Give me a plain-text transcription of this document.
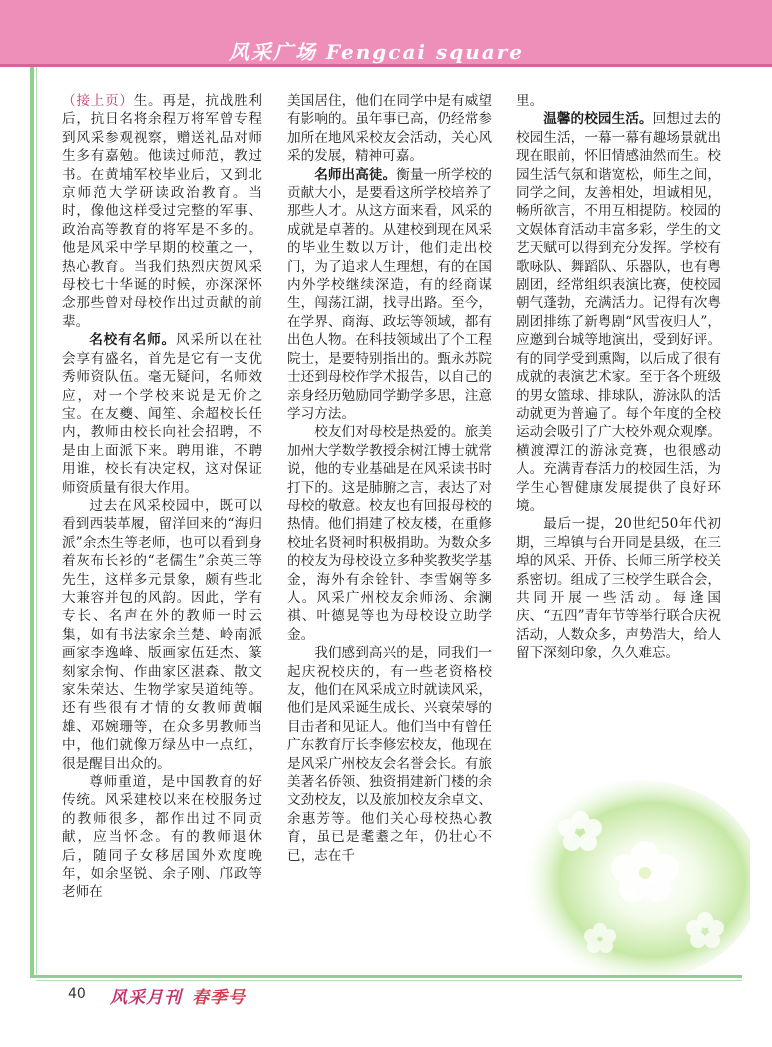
风采广场 Fengcai square

（接上页）生。再是，抗战胜利后，抗日名将余程万将军曾专程到风采参观视察，赠送礼品对师生多有嘉勉。他读过师范，教过书。在黄埔军校毕业后，又到北京师范大学研读政治教育。当时，像他这样受过完整的军事、政治高等教育的将军是不多的。他是风采中学早期的校董之一，热心教育。当我们热烈庆贺风采母校七十华诞的时候，亦深深怀念那些曾对母校作出过贡献的前辈。

名校有名师。风采所以在社会享有盛名，首先是它有一支优秀师资队伍。毫无疑问，名师效应，对一个学校来说是无价之宝。在友夔、闻笙、余超校长任内，教师由校长向社会招聘，不是由上面派下来。聘用谁，不聘用谁，校长有决定权，这对保证师资质量有很大作用。

过去在风采校园中，既可以看到西装革履，留洋回来的“海归派”余杰生等老师，也可以看到身着灰布长衫的“老儒生”余英三等先生，这样多元景象，颇有些北大兼容并包的风韵。因此，学有专长、名声在外的教师一时云集，如有书法家余兰楚、岭南派画家李逸峰、版画家伍廷杰、篆刻家余恂、作曲家区湛森、散文家朱荣达、生物学家吴道纯等。还有些很有才情的女教师黄帼雄、邓婉珊等，在众多男教师当中，他们就像万绿丛中一点红，很是醒目出众的。

尊师重道，是中国教育的好传统。风采建校以来在校服务过的教师很多，都作出过不同贡献，应当怀念。有的教师退休后，随同子女移居国外欢度晚年，如余坚锐、余子刚、邝政等老师在

美国居住，他们在同学中是有威望有影响的。虽年事已高，仍经常参加所在地风采校友会活动，关心风采的发展，精神可嘉。

名师出高徒。衡量一所学校的贡献大小，是要看这所学校培养了那些人才。从这方面来看，风采的成就是卓著的。从建校到现在风采的毕业生数以万计，他们走出校门，为了追求人生理想，有的在国内外学校继续深造，有的经商谋生，闯荡江湖，找寻出路。至今，在学界、商海、政坛等领域，都有出色人物。在科技领域出了个工程院士，是要特别指出的。甄永苏院士还到母校作学术报告，以自己的亲身经历勉励同学勤学多思，注意学习方法。

校友们对母校是热爱的。旅美加州大学数学教授余树江博士就常说，他的专业基础是在风采读书时打下的。这是肺腑之言，表达了对母校的敬意。校友也有回报母校的热情。他们捐建了校友楼，在重修校址名贤祠时积极捐助。为数众多的校友为母校设立多种奖教奖学基金，海外有余铨针、李雪娴等多人。风采广州校友余师汤、余澜祺、叶德晃等也为母校设立助学金。

我们感到高兴的是，同我们一起庆祝校庆的，有一些老资格校友，他们在风采成立时就读风采，他们是风采诞生成长、兴衰荣辱的目击者和见证人。他们当中有曾任广东教育厅长李修宏校友，他现在是风采广州校友会名誉会长。有旅美著名侨领、独资捐建新门楼的余文劲校友，以及旅加校友余卓文、余惠芳等。他们关心母校热心教育，虽已是耄耋之年，仍壮心不已，志在千

里。

温馨的校园生活。回想过去的校园生活，一幕一幕有趣场景就出现在眼前，怀旧情感油然而生。校园生活气氛和谐宽松，师生之间，同学之间，友善相处，坦诚相见，畅所欲言，不用互相提防。校园的文娱体育活动丰富多彩，学生的文艺天赋可以得到充分发挥。学校有歌咏队、舞蹈队、乐器队，也有粤剧团，经常组织表演比赛，使校园朝气蓬勃，充满活力。记得有次粤剧团排练了新粤剧“风雪夜归人”，应邀到台城等地演出，受到好评。有的同学受到熏陶，以后成了很有成就的表演艺术家。至于各个班级的男女篮球、排球队，游泳队的活动就更为普遍了。每个年度的全校运动会吸引了广大校外观众观摩。横渡潭江的游泳竞赛，也很感动人。充满青春活力的校园生活，为学生心智健康发展提供了良好环境。

最后一提，20世纪50年代初期，三埠镇与台开同是县级，在三埠的风采、开侨、长师三所学校关系密切。组成了三校学生联合会，共同开展一些活动。每逢国庆、“五四”青年节等举行联合庆祝活动，人数众多，声势浩大，给人留下深刻印象，久久难忘。

40 风采月刊 春季号
